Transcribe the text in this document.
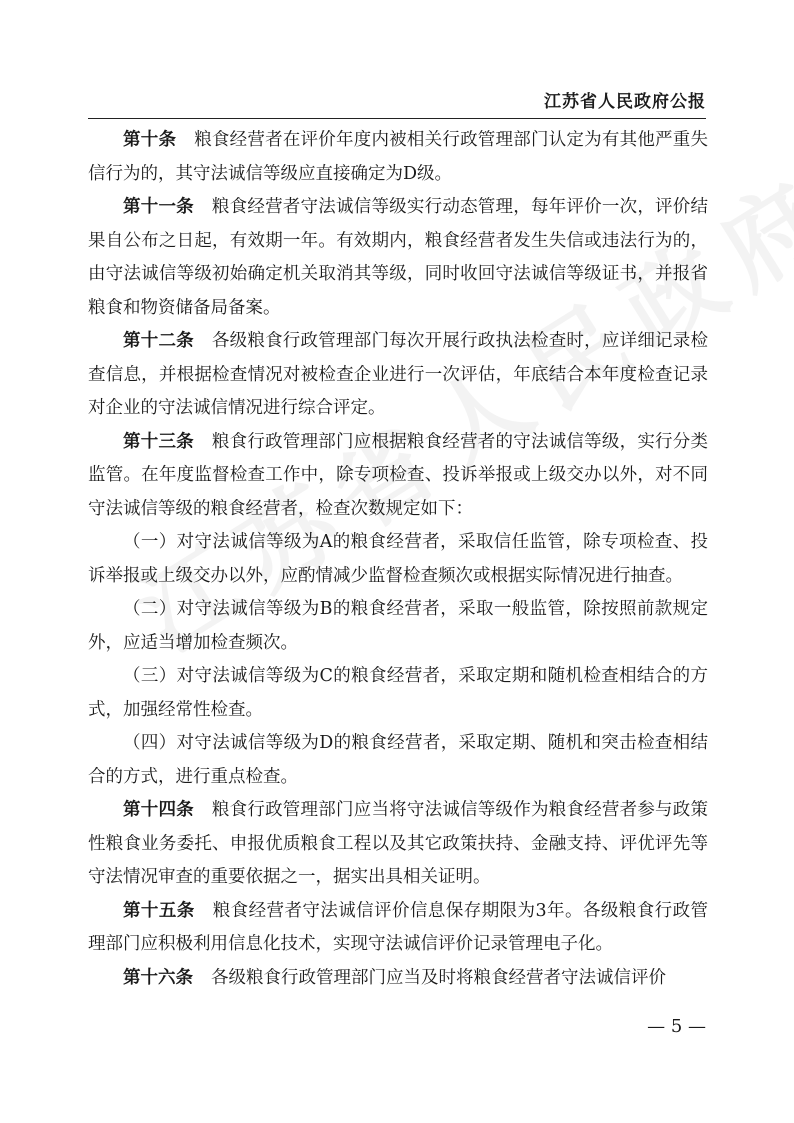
江苏省人民政府公报

第十条 粮食经营者在评价年度内被相关行政管理部门认定为有其他严重失信行为的，其守法诚信等级应直接确定为D级。

第十一条 粮食经营者守法诚信等级实行动态管理，每年评价一次，评价结果自公布之日起，有效期一年。有效期内，粮食经营者发生失信或违法行为的，由守法诚信等级初始确定机关取消其等级，同时收回守法诚信等级证书，并报省粮食和物资储备局备案。

第十二条 各级粮食行政管理部门每次开展行政执法检查时，应详细记录检查信息，并根据检查情况对被检查企业进行一次评估，年底结合本年度检查记录对企业的守法诚信情况进行综合评定。

第十三条 粮食行政管理部门应根据粮食经营者的守法诚信等级，实行分类监管。在年度监督检查工作中，除专项检查、投诉举报或上级交办以外，对不同守法诚信等级的粮食经营者，检查次数规定如下：

（一）对守法诚信等级为A的粮食经营者，采取信任监管，除专项检查、投诉举报或上级交办以外，应酌情减少监督检查频次或根据实际情况进行抽查。

（二）对守法诚信等级为B的粮食经营者，采取一般监管，除按照前款规定外，应适当增加检查频次。

（三）对守法诚信等级为C的粮食经营者，采取定期和随机检查相结合的方式，加强经常性检查。

（四）对守法诚信等级为D的粮食经营者，采取定期、随机和突击检查相结合的方式，进行重点检查。

第十四条 粮食行政管理部门应当将守法诚信等级作为粮食经营者参与政策性粮食业务委托、申报优质粮食工程以及其它政策扶持、金融支持、评优评先等守法情况审查的重要依据之一，据实出具相关证明。

第十五条 粮食经营者守法诚信评价信息保存期限为3年。各级粮食行政管理部门应积极利用信息化技术，实现守法诚信评价记录管理电子化。

第十六条 各级粮食行政管理部门应当及时将粮食经营者守法诚信评价

— 5 —
